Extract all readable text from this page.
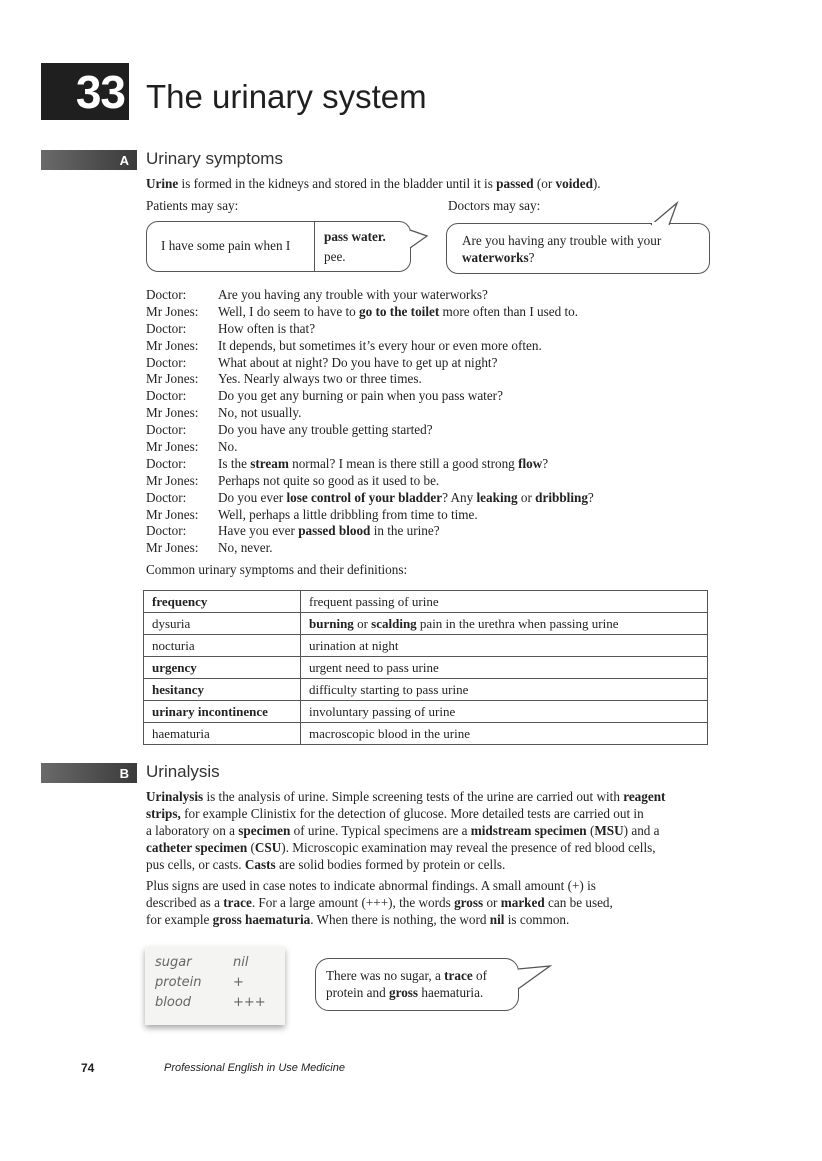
33 The urinary system
A	Urinary symptoms
Urine is formed in the kidneys and stored in the bladder until it is passed (or voided).
Patients may say:	Doctors may say:
I have some pain when I
pass water.
pee.
Are you having any trouble with your waterworks?
Doctor:	Are you having any trouble with your waterworks?
Mr Jones:	Well, I do seem to have to go to the toilet more often than I used to.
Doctor:	How often is that?
Mr Jones:	It depends, but sometimes it’s every hour or even more often.
Doctor:	What about at night? Do you have to get up at night?
Mr Jones:	Yes. Nearly always two or three times.
Doctor:	Do you get any burning or pain when you pass water?
Mr Jones:	No, not usually.
Doctor:	Do you have any trouble getting started?
Mr Jones:	No.
Doctor:	Is the stream normal? I mean is there still a good strong flow?
Mr Jones:	Perhaps not quite so good as it used to be.
Doctor:	Do you ever lose control of your bladder? Any leaking or dribbling?
Mr Jones:	Well, perhaps a little dribbling from time to time.
Doctor:	Have you ever passed blood in the urine?
Mr Jones:	No, never.
Common urinary symptoms and their definitions:
frequency	frequent passing of urine
dysuria	burning or scalding pain in the urethra when passing urine
nocturia	urination at night
urgency	urgent need to pass urine
hesitancy	difficulty starting to pass urine
urinary incontinence	involuntary passing of urine
haematuria	macroscopic blood in the urine
B	Urinalysis
Urinalysis is the analysis of urine. Simple screening tests of the urine are carried out with reagent
strips, for example Clinistix for the detection of glucose. More detailed tests are carried out in
a laboratory on a specimen of urine. Typical specimens are a midstream specimen (MSU) and a
catheter specimen (CSU). Microscopic examination may reveal the presence of red blood cells,
pus cells, or casts. Casts are solid bodies formed by protein or cells.
Plus signs are used in case notes to indicate abnormal findings. A small amount (+) is
described as a trace. For a large amount (+++), the words gross or marked can be used,
for example gross haematuria. When there is nothing, the word nil is common.
sugar	nil
protein +
blood	+++
There was no sugar, a trace of
protein and gross haematuria.
74	Professional English in Use Medicine
